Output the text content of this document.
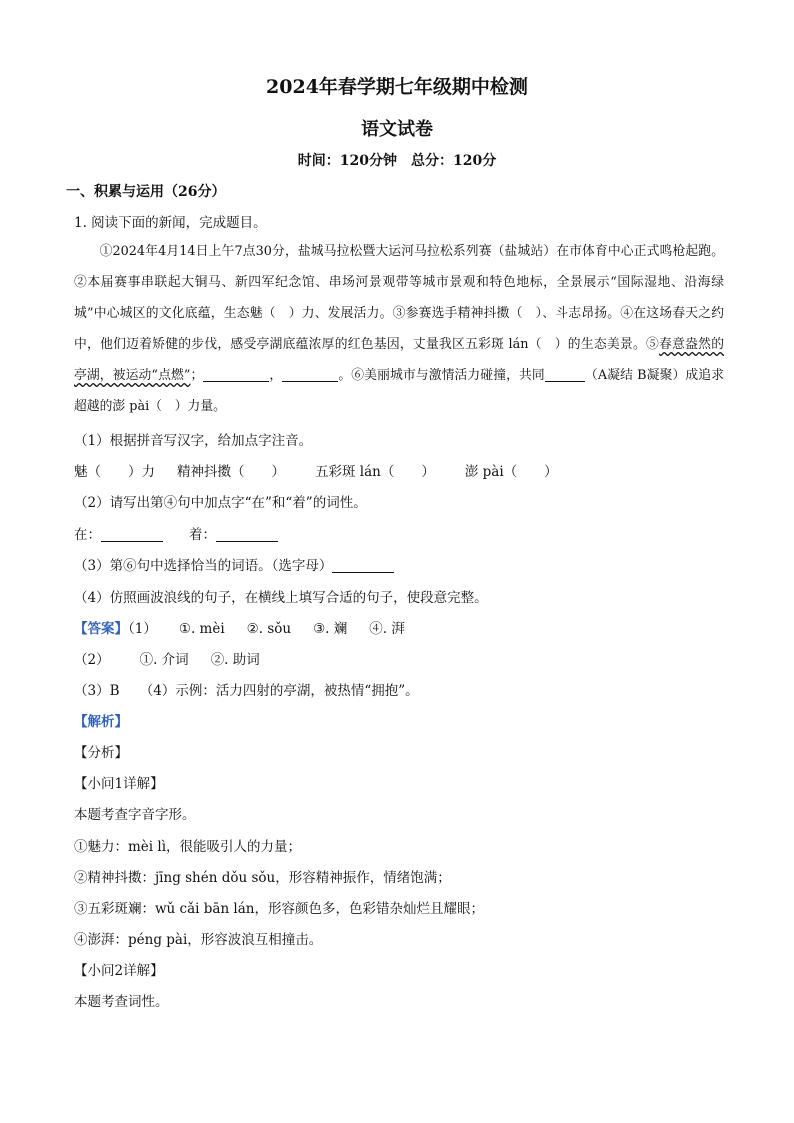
2024年春学期七年级期中检测
语文试卷
时间：120分钟　总分：120分
一、积累与运用（26分）
1. 阅读下面的新闻，完成题目。

①2024年4月14日上午7点30分，盐城马拉松暨大运河马拉松系列赛（盐城站）在市体育中心正式鸣枪起跑。②本届赛事串联起大铜马、新四军纪念馆、串场河景观带等城市景观和特色地标，全景展示“国际湿地、沿海绿城”中心城区的文化底蕴，生态魅（　）力、发展活力。③参赛选手精神抖擞（　）、斗志昂扬。④在这场春天之约中，他们迈着矫健的步伐，感受亭湖底蕴浓厚的红色基因，丈量我区五彩斑 lán（　）的生态美景。⑤春意盎然的亭湖，被运动“点燃”；	，	。⑥美丽城市与激情活力碰撞，共同	（A凝结 B凝聚）成追求超越的澎 pài（　）力量。

（1）根据拼音写汉字，给加点字注音。
魅（　　）力 精神抖擞（　　） 五彩斑 lán（　　） 澎 pài（　　）
（2）请写出第④句中加点字“在”和“着”的词性。
在：	着：
（3）第⑥句中选择恰当的词语。（选字母）
（4）仿照画波浪线的句子，在横线上填写合适的句子，使段意完整。
【答案】（1） ①. mèi ②. sǒu ③. 斓 ④. 湃
（2） ①. 介词 ②. 助词
（3）B　　（4）示例：活力四射的亭湖，被热情“拥抱”。
【解析】
【分析】
【小问1详解】
本题考查字音字形。
①魅力：mèi lì，很能吸引人的力量；
②精神抖擞：jīng shén dǒu sǒu，形容精神振作，情绪饱满；
③五彩斑斓：wǔ cǎi bān lán，形容颜色多，色彩错杂灿烂且耀眼；
④澎湃：péng pài，形容波浪互相撞击。
【小问2详解】
本题考查词性。
